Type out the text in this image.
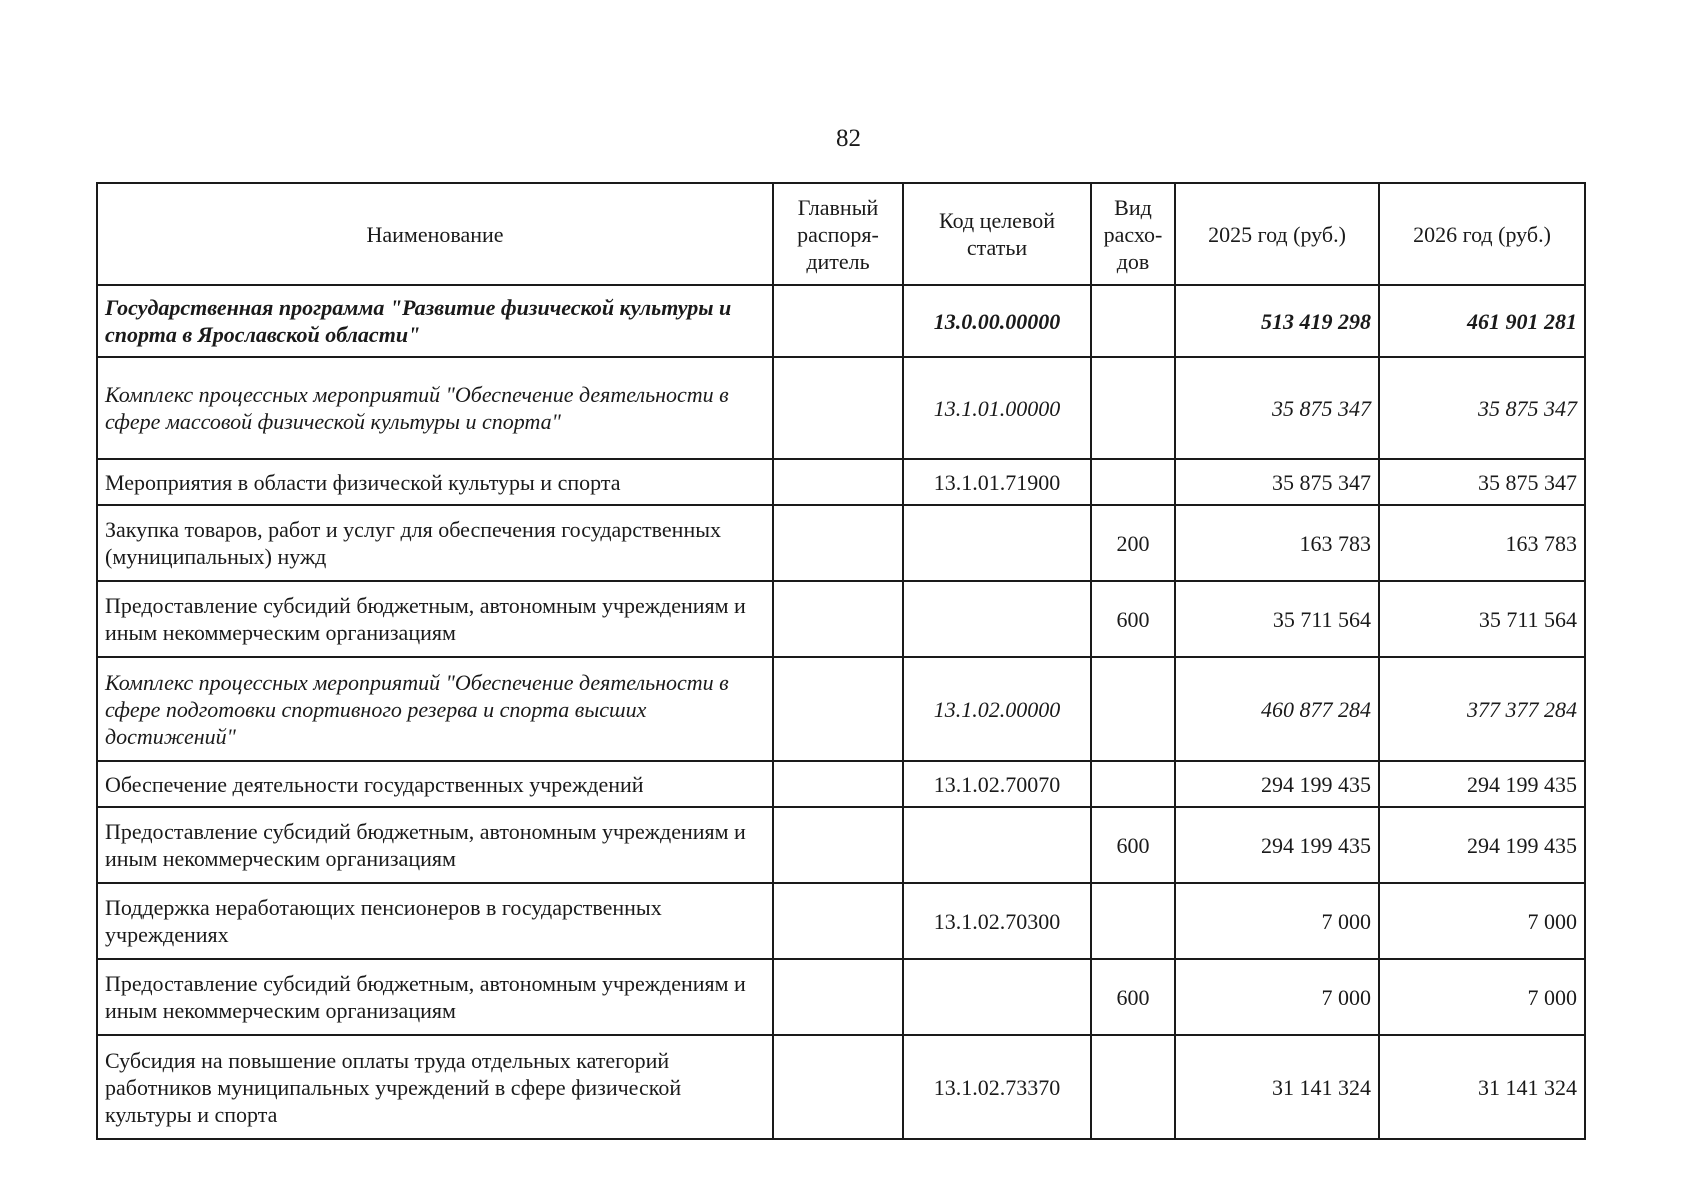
82
Наименование	Главный распоря-дитель	Код целевой статьи	Вид расхо-дов	2025 год (руб.)	2026 год (руб.)
Государственная программа "Развитие физической культуры и спорта в Ярославской области"		13.0.00.00000		513 419 298	461 901 281
Комплекс процессных мероприятий "Обеспечение деятельности в сфере массовой физической культуры и спорта"		13.1.01.00000		35 875 347	35 875 347
Мероприятия в области физической культуры и спорта		13.1.01.71900		35 875 347	35 875 347
Закупка товаров, работ и услуг для обеспечения государственных (муниципальных) нужд			200	163 783	163 783
Предоставление субсидий бюджетным, автономным учреждениям и иным некоммерческим организациям			600	35 711 564	35 711 564
Комплекс процессных мероприятий "Обеспечение деятельности в сфере подготовки спортивного резерва и спорта высших достижений"		13.1.02.00000		460 877 284	377 377 284
Обеспечение деятельности государственных учреждений		13.1.02.70070		294 199 435	294 199 435
Предоставление субсидий бюджетным, автономным учреждениям и иным некоммерческим организациям			600	294 199 435	294 199 435
Поддержка неработающих пенсионеров в государственных учреждениях		13.1.02.70300		7 000	7 000
Предоставление субсидий бюджетным, автономным учреждениям и иным некоммерческим организациям			600	7 000	7 000
Субсидия на повышение оплаты труда отдельных категорий работников муниципальных учреждений в сфере физической культуры и спорта		13.1.02.73370		31 141 324	31 141 324
